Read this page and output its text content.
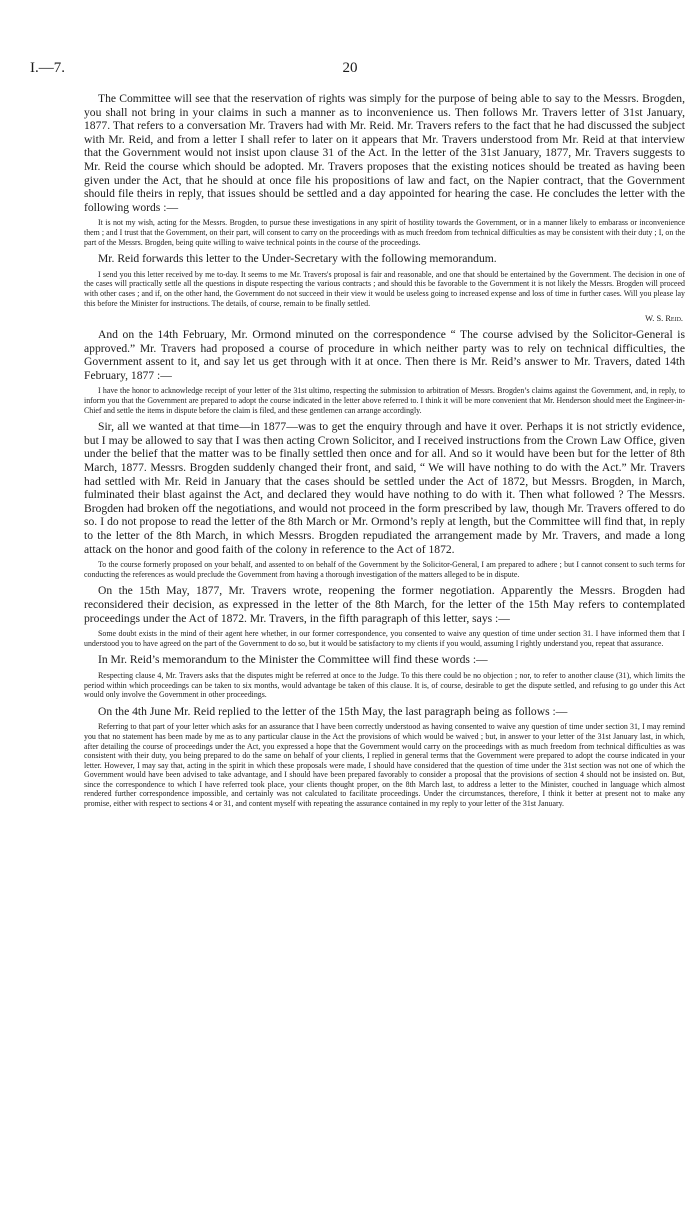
I.—7.	20

The Committee will see that the reservation of rights was simply for the purpose of being able to say to the Messrs. Brogden, you shall not bring in your claims in such a manner as to inconvenience us. Then follows Mr. Travers letter of 31st January, 1877. That refers to a conversation Mr. Travers had with Mr. Reid. Mr. Travers refers to the fact that he had discussed the subject with Mr. Reid, and from a letter I shall refer to later on it appears that Mr. Travers understood from Mr. Reid at that interview that the Government would not insist upon clause 31 of the Act. In the letter of the 31st January, 1877, Mr. Travers suggests to Mr. Reid the course which should be adopted. Mr. Travers proposes that the existing notices should be treated as having been given under the Act, that he should at once file his propositions of law and fact, on the Napier contract, that the Government should file theirs in reply, that issues should be settled and a day appointed for hearing the case. He concludes the letter with the following words :—

It is not my wish, acting for the Messrs. Brogden, to pursue these investigations in any spirit of hostility towards the Government, or in a manner likely to embarass or inconvenience them ; and I trust that the Government, on their part, will consent to carry on the proceedings with as much freedom from technical difficulties as may be consistent with their duty ; I, on the part of the Messrs. Brogden, being quite willing to waive technical points in the course of the proceedings.

Mr. Reid forwards this letter to the Under-Secretary with the following memorandum.

I send you this letter received by me to-day. It seems to me Mr. Travers's proposal is fair and reasonable, and one that should be entertained by the Government. The decision in one of the cases will practically settle all the questions in dispute respecting the various contracts ; and should this be favorable to the Government it is not likely the Messrs. Brogden will proceed with other cases ; and if, on the other hand, the Government do not succeed in their view it would be useless going to increased expense and loss of time in further cases. Will you please lay this before the Minister for instructions. The details, of course, remain to be finally settled.

W. S. Reid.

And on the 14th February, Mr. Ormond minuted on the correspondence “ The course advised by the Solicitor-General is approved.” Mr. Travers had proposed a course of procedure in which neither party was to rely on technical difficulties, the Government assent to it, and say let us get through with it at once. Then there is Mr. Reid’s answer to Mr. Travers, dated 14th February, 1877 :—

I have the honor to acknowledge receipt of your letter of the 31st ultimo, respecting the submission to arbitration of Messrs. Brogden’s claims against the Government, and, in reply, to inform you that the Government are prepared to adopt the course indicated in the letter above referred to. I think it will be more convenient that Mr. Henderson should meet the Engineer-in-Chief and settle the items in dispute before the claim is filed, and these gentlemen can arrange accordingly.

Sir, all we wanted at that time—in 1877—was to get the enquiry through and have it over. Perhaps it is not strictly evidence, but I may be allowed to say that I was then acting Crown Solicitor, and I received instructions from the Crown Law Office, given under the belief that the matter was to be finally settled then once and for all. And so it would have been but for the letter of 8th March, 1877. Messrs. Brogden suddenly changed their front, and said, “ We will have nothing to do with the Act.” Mr. Travers had settled with Mr. Reid in January that the cases should be settled under the Act of 1872, but Messrs. Brogden, in March, fulminated their blast against the Act, and declared they would have nothing to do with it. Then what followed ? The Messrs. Brogden had broken off the negotiations, and would not proceed in the form prescribed by law, though Mr. Travers offered to do so. I do not propose to read the letter of the 8th March or Mr. Ormond’s reply at length, but the Committee will find that, in reply to the letter of the 8th March, in which Messrs. Brogden repudiated the arrangement made by Mr. Travers, and made a long attack on the honor and good faith of the colony in reference to the Act of 1872.

To the course formerly proposed on your behalf, and assented to on behalf of the Government by the Solicitor-General, I am prepared to adhere ; but I cannot consent to such terms for conducting the references as would preclude the Government from having a thorough investigation of the matters alleged to be in dispute.

On the 15th May, 1877, Mr. Travers wrote, reopening the former negotiation. Apparently the Messrs. Brogden had reconsidered their decision, as expressed in the letter of the 8th March, for the letter of the 15th May refers to contemplated proceedings under the Act of 1872. Mr. Travers, in the fifth paragraph of this letter, says :—

Some doubt exists in the mind of their agent here whether, in our former correspondence, you consented to waive any question of time under section 31. I have informed them that I understood you to have agreed on the part of the Government to do so, but it would be satisfactory to my clients if you would, assuming I rightly understand you, repeat that assurance.

In Mr. Reid’s memorandum to the Minister the Committee will find these words :—

Respecting clause 4, Mr. Travers asks that the disputes might be referred at once to the Judge. To this there could be no objection ; nor, to refer to another clause (31), which limits the period within which proceedings can be taken to six months, would advantage be taken of this clause. It is, of course, desirable to get the dispute settled, and refusing to go under this Act would only involve the Government in other proceedings.

On the 4th June Mr. Reid replied to the letter of the 15th May, the last paragraph being as follows :—

Referring to that part of your letter which asks for an assurance that I have been correctly understood as having consented to waive any question of time under section 31, I may remind you that no statement has been made by me as to any particular clause in the Act the provisions of which would be waived ; but, in answer to your letter of the 31st January last, in which, after detailing the course of proceedings under the Act, you expressed a hope that the Government would carry on the proceedings with as much freedom from technical difficulties as was consistent with their duty, you being prepared to do the same on behalf of your clients, I replied in general terms that the Government were prepared to adopt the course indicated in your letter. However, I may say that, acting in the spirit in which these proposals were made, I should have considered that the question of time under the 31st section was not one of which the Government would have been advised to take advantage, and I should have been prepared favorably to consider a proposal that the provisions of section 4 should not be insisted on. But, since the correspondence to which I have referred took place, your clients thought proper, on the 8th March last, to address a letter to the Minister, couched in language which almost rendered further correspondence impossible, and certainly was not calculated to facilitate proceedings. Under the circumstances, therefore, I think it better at present not to make any promise, either with respect to sections 4 or 31, and content myself with repeating the assurance contained in my reply to your letter of the 31st January.
